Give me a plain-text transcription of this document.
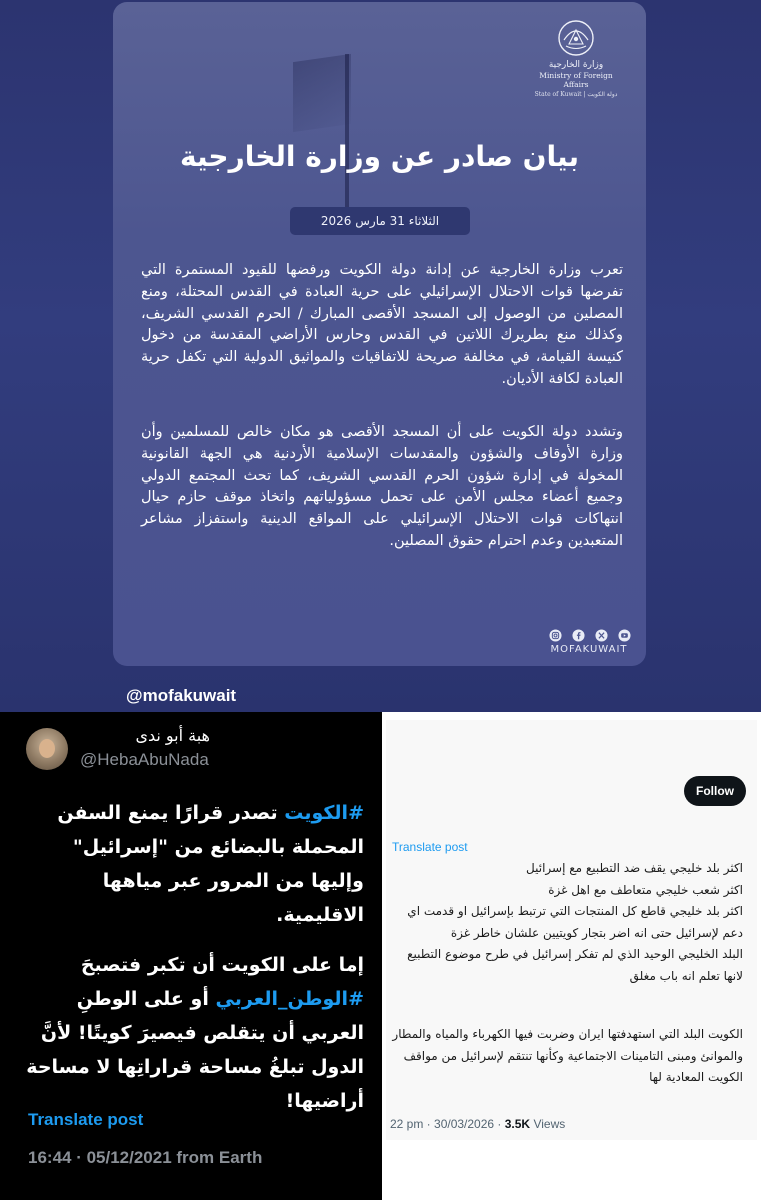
وزارة الخارجية
Ministry of Foreign Affairs
State of Kuwait | دولة الكويت
بيان صادر عن وزارة الخارجية
الثلاثاء 31 مارس 2026
تعرب وزارة الخارجية عن إدانة دولة الكويت ورفضها للقيود المستمرة التي تفرضها قوات الاحتلال الإسرائيلي على حرية العبادة في القدس المحتلة، ومنع المصلين من الوصول إلى المسجد الأقصى المبارك / الحرم القدسي الشريف، وكذلك منع بطريرك اللاتين في القدس وحارس الأراضي المقدسة من دخول كنيسة القيامة، في مخالفة صريحة للاتفاقيات والمواثيق الدولية التي تكفل حرية العبادة لكافة الأديان.
وتشدد دولة الكويت على أن المسجد الأقصى هو مكان خالص للمسلمين وأن وزارة الأوقاف والشؤون والمقدسات الإسلامية الأردنية هي الجهة القانونية المخولة في إدارة شؤون الحرم القدسي الشريف، كما تحث المجتمع الدولي وجميع أعضاء مجلس الأمن على تحمل مسؤولياتهم واتخاذ موقف حازم حيال انتهاكات قوات الاحتلال الإسرائيلي على المواقع الدينية واستفزاز مشاعر المتعبدين وعدم احترام حقوق المصلين.
MOFAKUWAIT
@mofakuwait
هبة أبو ندى
@HebaAbuNada

#الكويت تصدر قرارًا يمنع السفن المحملة بالبضائع من "إسرائيل" وإليها من المرور عبر مياهها الاقليمية.

إما على الكويت أن تكبر فتصبحَ #الوطن_العربي أو على الوطنِ العربي أن يتقلص فيصيرَ كويتًا! لأنَّ الدول تبلغُ مساحة قراراتِها لا مساحة أراضيها!

Translate post
16:44 · 05/12/2021 from Earth
Follow
Translate post
اكثر بلد خليجي يقف ضد التطبيع مع إسرائيل
اكثر شعب خليجي متعاطف مع اهل غزة
اكثر بلد خليجي قاطع كل المنتجات التي ترتبط بإسرائيل او قدمت اي دعم لإسرائيل حتى انه اضر بتجار كويتيين علشان خاطر غزة
البلد الخليجي الوحيد الذي لم تفكر إسرائيل في طرح موضوع التطبيع لانها تعلم انه باب مغلق
الكويت البلد التي استهدفتها ايران وضربت فيها الكهرباء والمياه والمطار والموانئ ومبنى التامينات الاجتماعية وكأنها تنتقم لإسرائيل من مواقف الكويت المعادية لها
22 pm · 30/03/2026 · 3.5K Views
